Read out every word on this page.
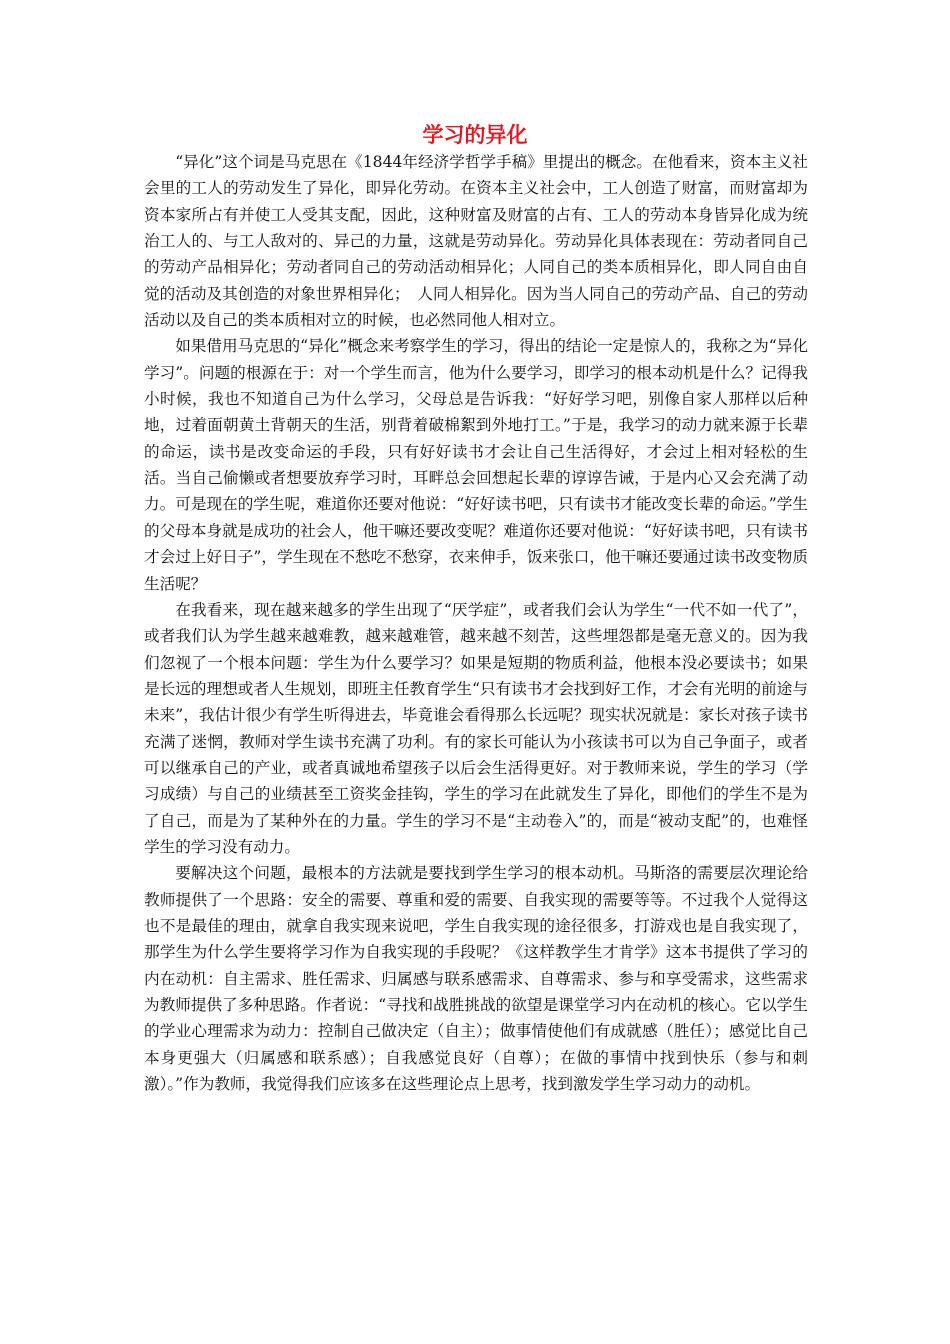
学习的异化

“异化”这个词是马克思在《1844年经济学哲学手稿》里提出的概念。在他看来，资本主义社会里的工人的劳动发生了异化，即异化劳动。在资本主义社会中，工人创造了财富，而财富却为资本家所占有并使工人受其支配，因此，这种财富及财富的占有、工人的劳动本身皆异化成为统治工人的、与工人敌对的、异己的力量，这就是劳动异化。劳动异化具体表现在：劳动者同自己的劳动产品相异化；劳动者同自己的劳动活动相异化；人同自己的类本质相异化，即人同自由自觉的活动及其创造的对象世界相异化；　人同人相异化。因为当人同自己的劳动产品、自己的劳动活动以及自己的类本质相对立的时候，也必然同他人相对立。

如果借用马克思的“异化”概念来考察学生的学习，得出的结论一定是惊人的，我称之为“异化学习”。问题的根源在于：对一个学生而言，他为什么要学习，即学习的根本动机是什么？记得我小时候，我也不知道自己为什么学习，父母总是告诉我：“好好学习吧，别像自家人那样以后种地，过着面朝黄土背朝天的生活，别背着破棉絮到外地打工。”于是，我学习的动力就来源于长辈的命运，读书是改变命运的手段，只有好好读书才会让自己生活得好，才会过上相对轻松的生活。当自己偷懒或者想要放弃学习时，耳畔总会回想起长辈的谆谆告诫，于是内心又会充满了动力。可是现在的学生呢，难道你还要对他说：“好好读书吧，只有读书才能改变长辈的命运。”学生的父母本身就是成功的社会人，他干嘛还要改变呢？难道你还要对他说：“好好读书吧，只有读书才会过上好日子”，学生现在不愁吃不愁穿，衣来伸手，饭来张口，他干嘛还要通过读书改变物质生活呢？

在我看来，现在越来越多的学生出现了“厌学症”，或者我们会认为学生“一代不如一代了”，或者我们认为学生越来越难教，越来越难管，越来越不刻苦，这些埋怨都是毫无意义的。因为我们忽视了一个根本问题：学生为什么要学习？如果是短期的物质利益，他根本没必要读书；如果是长远的理想或者人生规划，即班主任教育学生“只有读书才会找到好工作，才会有光明的前途与未来”，我估计很少有学生听得进去，毕竟谁会看得那么长远呢？现实状况就是：家长对孩子读书充满了迷惘，教师对学生读书充满了功利。有的家长可能认为小孩读书可以为自己争面子，或者可以继承自己的产业，或者真诚地希望孩子以后会生活得更好。对于教师来说，学生的学习（学习成绩）与自己的业绩甚至工资奖金挂钩，学生的学习在此就发生了异化，即他们的学生不是为了自己，而是为了某种外在的力量。学生的学习不是“主动卷入”的，而是“被动支配”的，也难怪学生的学习没有动力。

要解决这个问题，最根本的方法就是要找到学生学习的根本动机。马斯洛的需要层次理论给教师提供了一个思路：安全的需要、尊重和爱的需要、自我实现的需要等等。不过我个人觉得这也不是最佳的理由，就拿自我实现来说吧，学生自我实现的途径很多，打游戏也是自我实现了，那学生为什么学生要将学习作为自我实现的手段呢？《这样教学生才肯学》这本书提供了学习的内在动机：自主需求、胜任需求、归属感与联系感需求、自尊需求、参与和享受需求，这些需求为教师提供了多种思路。作者说：“寻找和战胜挑战的欲望是课堂学习内在动机的核心。它以学生的学业心理需求为动力：控制自己做决定（自主）；做事情使他们有成就感（胜任）；感觉比自己本身更强大（归属感和联系感）；自我感觉良好（自尊）；在做的事情中找到快乐（参与和刺激）。”作为教师，我觉得我们应该多在这些理论点上思考，找到激发学生学习动力的动机。
